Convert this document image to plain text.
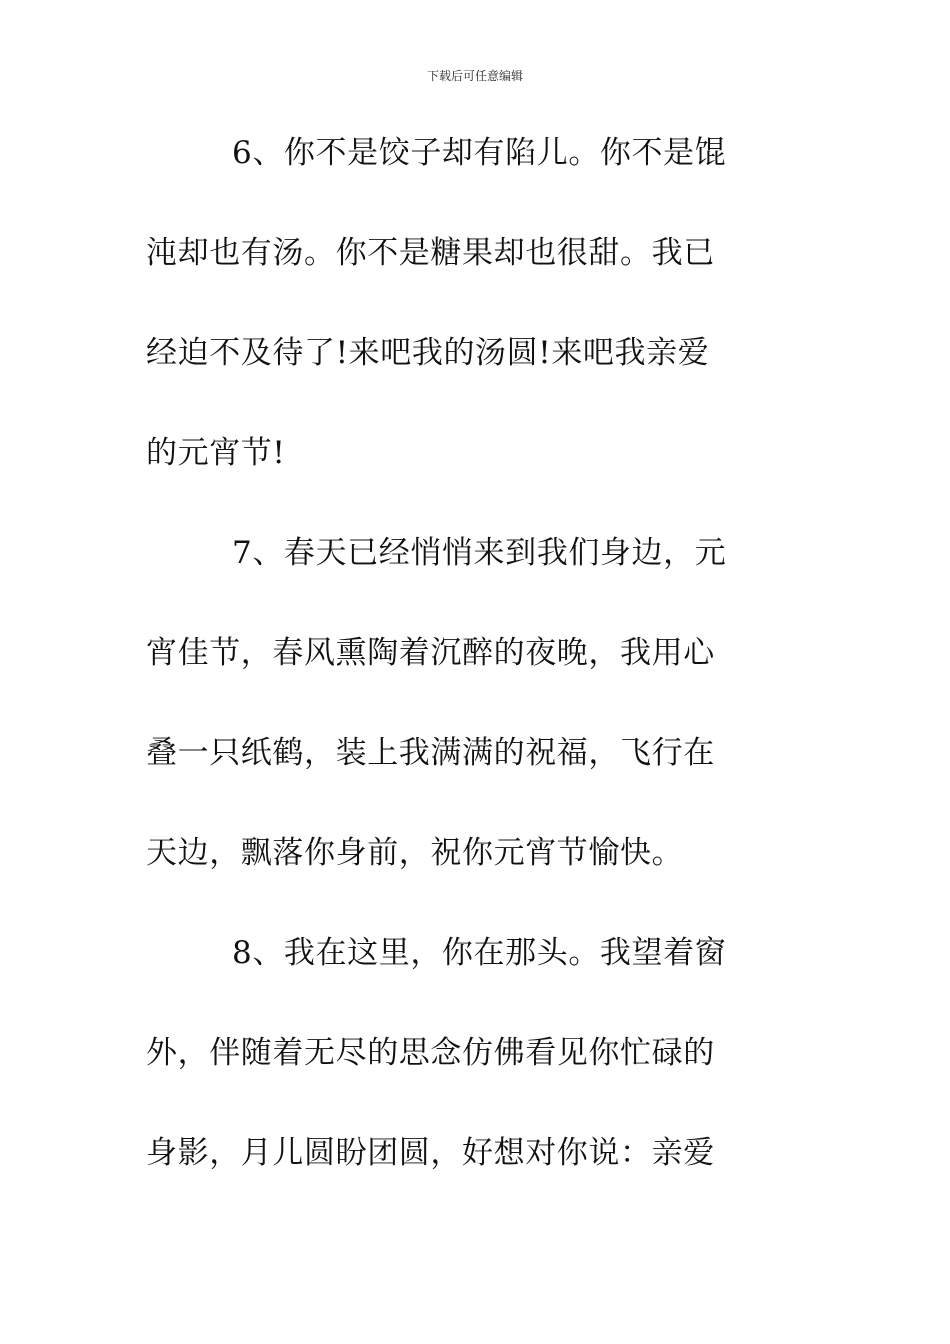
下载后可任意编辑
6、你不是饺子却有陷儿。你不是馄
沌却也有汤。你不是糖果却也很甜。我已
经迫不及待了!来吧我的汤圆!来吧我亲爱
的元宵节!
7、春天已经悄悄来到我们身边，元
宵佳节，春风熏陶着沉醉的夜晚，我用心
叠一只纸鹤，装上我满满的祝福，飞行在
天边，飘落你身前，祝你元宵节愉快。
8、我在这里，你在那头。我望着窗
外，伴随着无尽的思念仿佛看见你忙碌的
身影，月儿圆盼团圆，好想对你说：亲爱
